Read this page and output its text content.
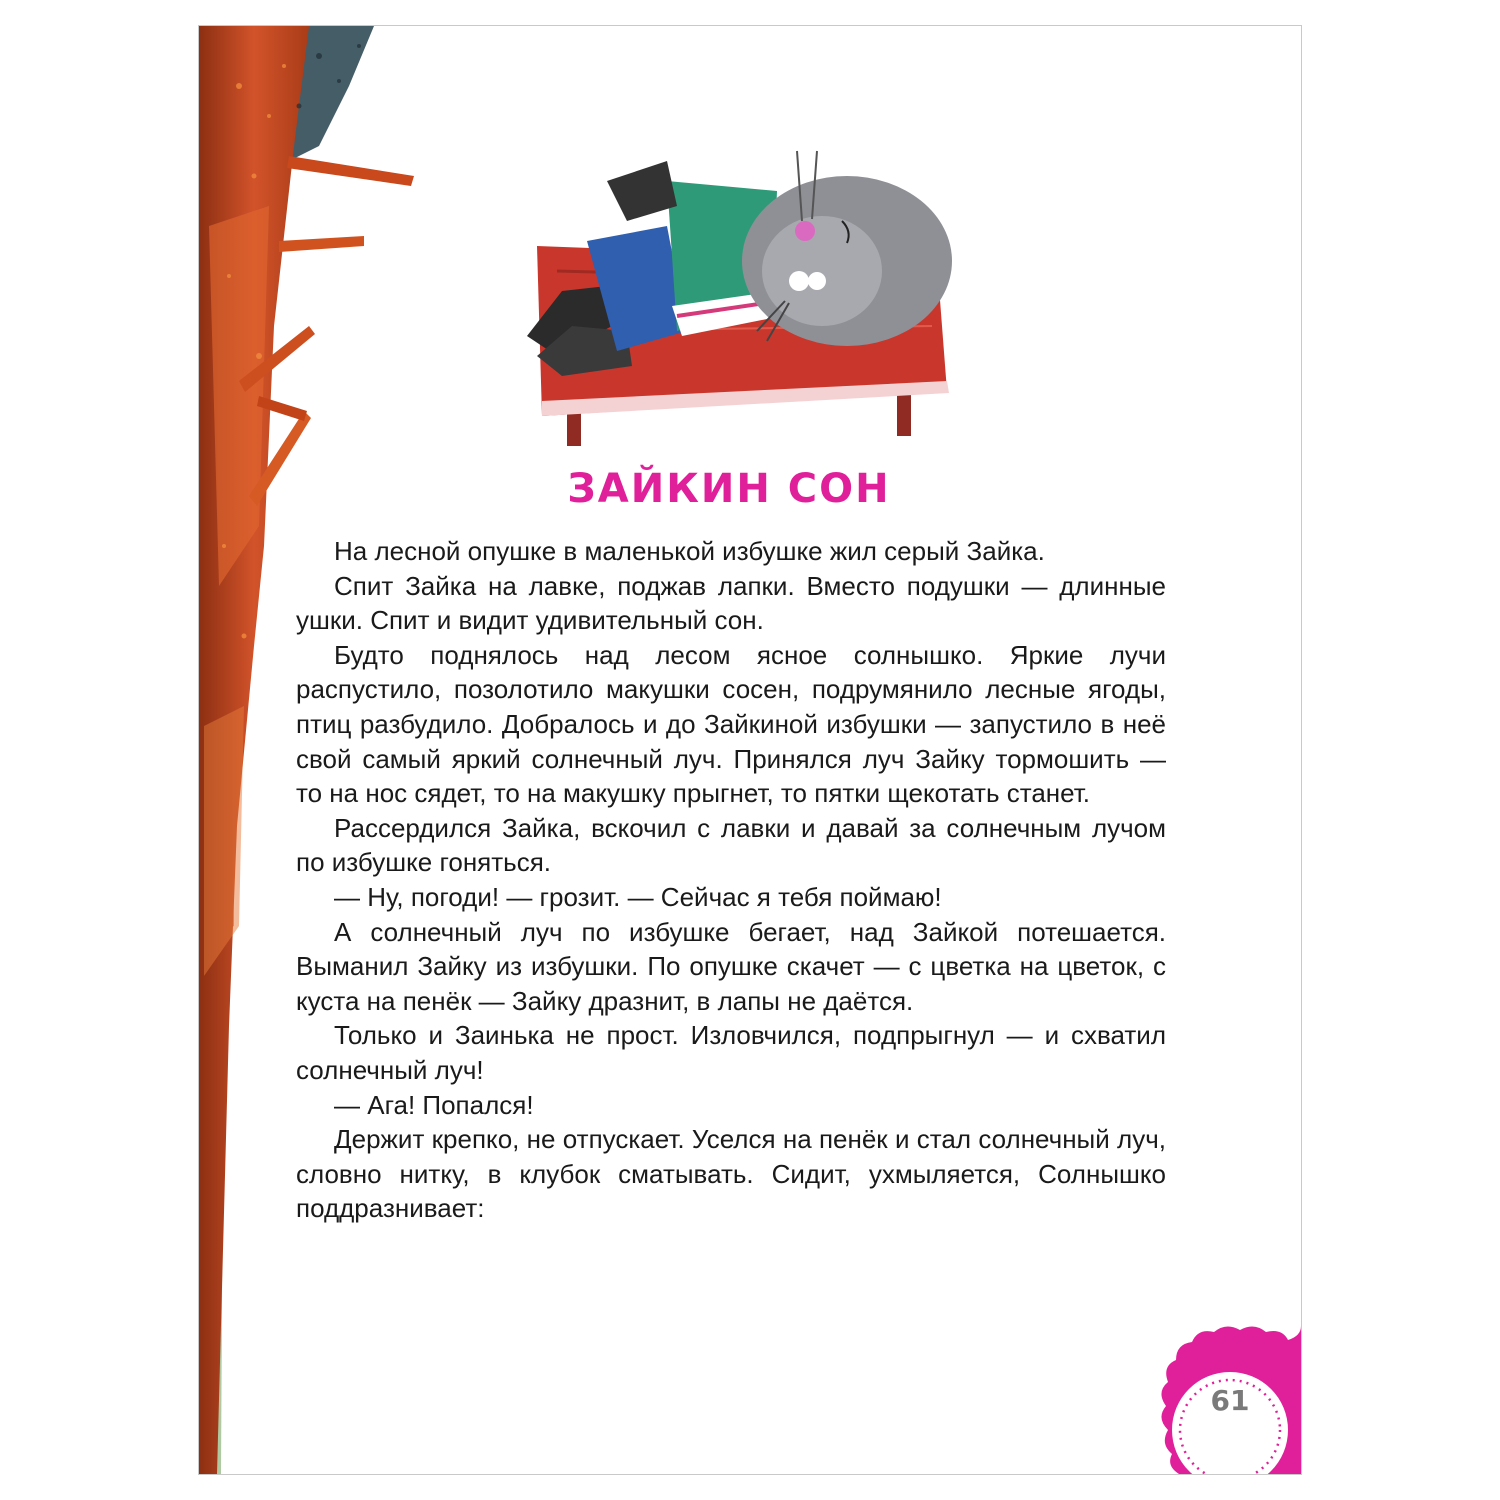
ЗАЙКИН СОН

На лесной опушке в маленькой избушке жил серый Зайка.

Спит Зайка на лавке, поджав лапки. Вместо подушки — длинные ушки. Спит и видит удивительный сон.

Будто поднялось над лесом ясное солнышко. Яркие лучи распустило, позолотило макушки сосен, подрумянило лесные ягоды, птиц разбудило. Добралось и до Зайкиной избушки — запустило в неё свой самый яркий солнечный луч. Принялся луч Зайку тормошить — то на нос сядет, то на макушку прыгнет, то пятки щекотать станет.

Рассердился Зайка, вскочил с лавки и давай за солнечным лучом по избушке гоняться.

— Ну, погоди! — грозит. — Сейчас я тебя поймаю!

А солнечный луч по избушке бегает, над Зайкой потешается. Выманил Зайку из избушки. По опушке скачет — с цветка на цветок, с куста на пенёк — Зайку дразнит, в лапы не даётся.

Только и Заинька не прост. Изловчился, подпрыгнул — и схватил солнечный луч!

— Ага! Попался!

Держит крепко, не отпускает. Уселся на пенёк и стал солнечный луч, словно нитку, в клубок сматывать. Сидит, ухмыляется, Солнышко поддразнивает:

61
